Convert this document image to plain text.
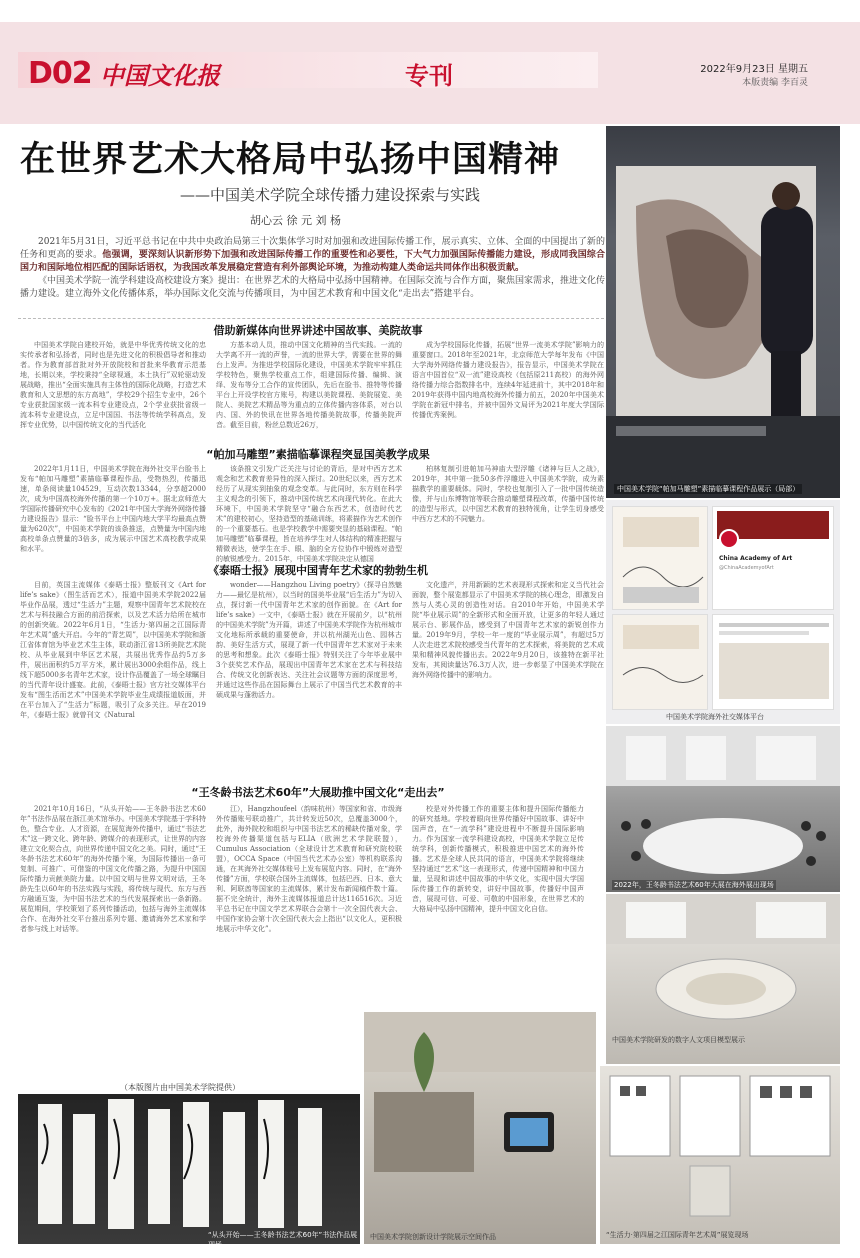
D02 中国文化报	专刊	2022年9月23日 星期五
本版责编 李百灵
在世界艺术大格局中弘扬中国精神
——中国美术学院全球传播力建设探索与实践
胡心云 徐 元 刘 杨

2021年5月31日，习近平总书记在中共中央政治局第三十次集体学习时对加强和改进国际传播工作，展示真实、立体、全面的中国提出了新的任务和更高的要求。他强调，要深刻认识新形势下加强和改进国际传播工作的重要性和必要性，下大气力加强国际传播能力建设，形成同我国综合国力和国际地位相匹配的国际话语权，为我国改革发展稳定营造有利外部舆论环境，为推动构建人类命运共同体作出积极贡献。

《中国美术学院一流学科建设高校建设方案》提出：在世界艺术的大格局中弘扬中国精神。在国际交流与合作方面，聚焦国家需求，推进文化传播力建设。建立海外文化传播体系，举办国际文化交流与传播项目，为中国艺术教育和中国文化“走出去”搭建平台。

借助新媒体向世界讲述中国故事、美院故事

中国美术学院自建校开始，就是中华优秀传统文化的忠实传承者和弘扬者，同时也是先进文化的积极倡导者和推动者。作为教育部首批对外开放院校和首批来华教育示范基地，长期以来，学校秉持“全球视通，本土执行”双轮驱动发展战略，推出“全面实施具有主体性的国际化战略，打造艺术教育和人文思想的东方高地”，学校29个招生专业中，26个专业获批国家级一流本科专业建设点，2个学业获批省级一流本科专业建设点，立足中国国、书法等传统学科高点，发挥专业优势，以中国传统文化的当代活化

方基本动人员，推动中国文化精神的当代实践。一流的大学离不开一流的声誉，一流的世界大学，需要在世界的舞台上发声。为推进学校国际化建设，中国美术学院牢牢抓住学校特色，聚焦学校重点工作，组建国际传播、编辑、演绎、发布等分工合作的宣传团队，先后在脸书、推特等传播平台上开设学校官方账号，构建以美院课程、美院展览、美院人、美院艺术精品等为重点的立体传播内容体系，对台以内、国、外的快讯在世界各地传播美院故事，传播美院声音。截至目前，粉丝总数近26万，

成为学校国际化传播，拓展“世界一流美术学院”影响力的重要窗口。2018年至2021年，北京师范大学每年发布《中国大学海外网络传播力建设报告》，报告显示，中国美术学院在语言中国首位“双一流”建设高校（包括原211高校）的海外网络传播力综合指数排名中，连续4年延进前十，其中2018年和2019年获得中国内地高校海外传播力前五，2020年中国美术学院在新冠中排名，并被中国外文局评为2021年度大学国际传播优秀案例。

“帕加马雕塑”素描临摹课程突显国美教学成果

2022年1月11日，中国美术学院在海外社交平台脸书上发布“帕加马雕塑”素描临摹课程作品，受物热烈，传播迅速，单条阅读量104529，互动次数13344，分享超2000次，成为中国高校海外传播的第一个10万+。据北京师范大学国际传播研究中心发布的《2021年中国大学海外网络传播力建设报告》显示：“脸书平台上中国内地大学平均最高点赞量为620次”，中国美术学院的该条推送，点赞量为中国内地高校单条点赞量的3倍多，成为展示中国艺术高校教学成果和水平。

该条推文引发广泛关注与讨论的背后，是对中西方艺术观念和艺术教育差异性的深入探讨。20世纪以来，西方艺术经历了从现实到抽象的观念变革。与此同时，东方则在科学主义观念的引领下，推动中国传统艺术向现代转化。在此大环境下，中国美术学院坚守“融合东西艺术，创造时代艺术”的建校初心，坚持造型的基础训练，将素描作为艺术创作的一个重要基石。也是学校教学中需要突显的基础课程。“帕加马雕塑”临摹课程，旨在培养学生对人体结构的精准把握与精微表达，使学生在手、眼、脑的全方位协作中锻炼对造型的敏锐感受力。2015年，中国美术学院决定从德国

柏林复制引进帕加马神庙大型浮雕《诸神与巨人之战》，2019年，其中第一批50多件浮雕进入中国美术学院，成为素描教学的重要载体。同时，学校也复制引入了一批中国传统造像，并与山东博物馆等联合推动雕塑课程改革，传播中国传统的造型与形式，以中国艺术教育的独特视角，让学生切身感受中西方艺术的不同魅力。

《泰晤士报》展现中国青年艺术家的勃勃生机

目前，英国主流媒体《泰晤士报》整版刊文《Art for life’s sake》（图生活而艺术），报道中国美术学院2022届毕业作品展，透过“生活力”主题，观察中国青年艺术院校在艺术与科技融合方面的前沿探索，以及艺术活力给所在城市的创新突破。2022年6月1日，“生活力·第四届之江国际青年艺术周”盛大开启。今年的“青艺周”，以中国美术学院和浙江省体育馆为毕业艺术生主体，联动浙江省13所美院艺术院校、从毕业展到中华区艺术展，共展出优秀作品约5万多件，展出面积约5万平方米，累计展出3000余组作品，线上线下超5000多名青年艺术家，设计作品覆盖了一场全球瞩目的当代青年设计盛宴。此前，《泰晤士报》官方社交媒体平台发布“图生活而艺术”中国美术学院毕业生成绩报道版面，并在平台加入了“生活力”标题，吸引了众多关注。早在2019年，《泰晤士报》就曾刊文《Natural

wonder——Hangzhou Living poetry》（探寻自然魅力——最忆是杭州），以当时的国美毕业展“后生活力”为切入点，探讨新一代中国青年艺术家的创作面貌。在《Art for life’s sake》一文中，《泰晤士报》就在开展前夕，以“杭州的中国美术学院”为开篇，讲述了中国美术学院作为杭州城市文化地标所承载的重要使命，并以杭州湖光山色、园林古韵、美好生活方式，展现了新一代中国青年艺术家对于未来的思考和想象。此次《泰晤士报》特别关注了今年毕业展中3个获奖艺术作品，展现出中国青年艺术家在艺术与科技结合、传统文化创新表达、关注社会议题等方面的深度思考，并通过这些作品在国际舞台上展示了中国当代艺术教育的丰硕成果与蓬勃活力。

文化遗产，并用新颖的艺术表现形式探索和定义当代社会面貌，整个展览都显示了中国美术学院的核心理念，即激发自然与人类心灵的创造性对话。自2010年开始，中国美术学院“毕业展示周”的全新形式和全面开放，让更多的年轻人通过展示台、影展作品，感受到了中国青年艺术家的新锐创作力量。2019年9月，学校一年一度的“毕业展示周”，有超过5万人次走进艺术院校感受当代青年的艺术探索，将美院的艺术成果和精神风貌传播出去。2022年9月20日，该推特在新平社发布，其阅读量达76.3万人次，进一步彰显了中国美术学院在海外网络传播中的影响力。

“王冬龄书法艺术60年”大展助推中国文化“走出去”

2021年10月16日，“从头开始——王冬龄书法艺术60年”书法作品展在浙江美术馆举办。中国美术学院基于学科特色，整合专业、人才资源，在展览海外传播中，通过“书法艺术”这一跨文化、跨年龄、跨媒介的表现形式，让世界的内容建立文化契合点，向世界传递中国文化之美。同时，通过“王冬龄书法艺术60年”的海外传播个案，为国际传播出一条可复制、可推广、可借鉴的中国文化传播之路，为提升中国国际传播力贡献美院力量。以中国文明与世界文明对话，王冬龄先生以60年的书法实践与实践，将传统与现代、东方与西方融通互鉴，为中国书法艺术的当代发展探索出一条新路。展览期间，学校策划了系列传播活动，包括与海外主流媒体合作、在海外社交平台推出系列专题、邀请海外艺术家和学者参与线上对话等。

江），Hangzhoufeel（韵味杭州）等国家和省、市级海外传播账号联动推广，共计转发近50次，总覆盖3000个，此外，海外院校和组织与中国书法艺术的稀缺传播对象，学校海外传播渠道包括与ELIA（欧洲艺术学院联盟），Cumulus Association（全球设计艺术教育和研究院校联盟），OCCA Space（中国当代艺术办公室）等机构联系沟通，在其海外社交媒体账号上发布展览内容。同时，在“海外传播”方面，学校联合国外主流媒体，包括巴西、日本、意大利、阿联酋等国家的主流媒体，累计发布新闻稿件数十篇。据不完全统计，海外主流媒体报道总计达116516次。习近平总书记在中国文学艺术界联合会第十一次全国代表大会、中国作家协会第十次全国代表大会上指出“以文化人，更积极地展示中华文化”。

校是对外传播工作的重要主体和提升国际传播能力的研究基地。学校着眼向世界传播好中国故事、讲好中国声音，在“一流学科”建设进程中不断提升国际影响力。作为国家一流学科建设高校，中国美术学院立足传统学科，创新传播模式，积极推进中国艺术的海外传播。艺术是全球人民共同的语言，中国美术学院将继续坚持通过“艺术”这一表现形式，传递中国精神和中国力量，呈现和讲述中国故事的中华文化，实现中国大学国际传播工作的新转变，讲好中国故事，传播好中国声音，展现可信、可爱、可敬的中国形象，在世界艺术的大格局中弘扬中国精神，提升中国文化自信。

中国美术学院“帕加马雕塑”素描临摹课程作品展示（局部）
China Academy of Art
@ChinaAcademyofArt
中国美术学院海外社交媒体平台
2022年，王冬龄书法艺术60年大展在海外展出现场
中国美术学院研发的数字人文项目模型展示
（本版图片由中国美术学院提供）
“从头开始——王冬龄书法艺术60年”书法作品展现场
中国美术学院创新设计学院展示空间作品	“生活力·第四届之江国际青年艺术周”展览现场
